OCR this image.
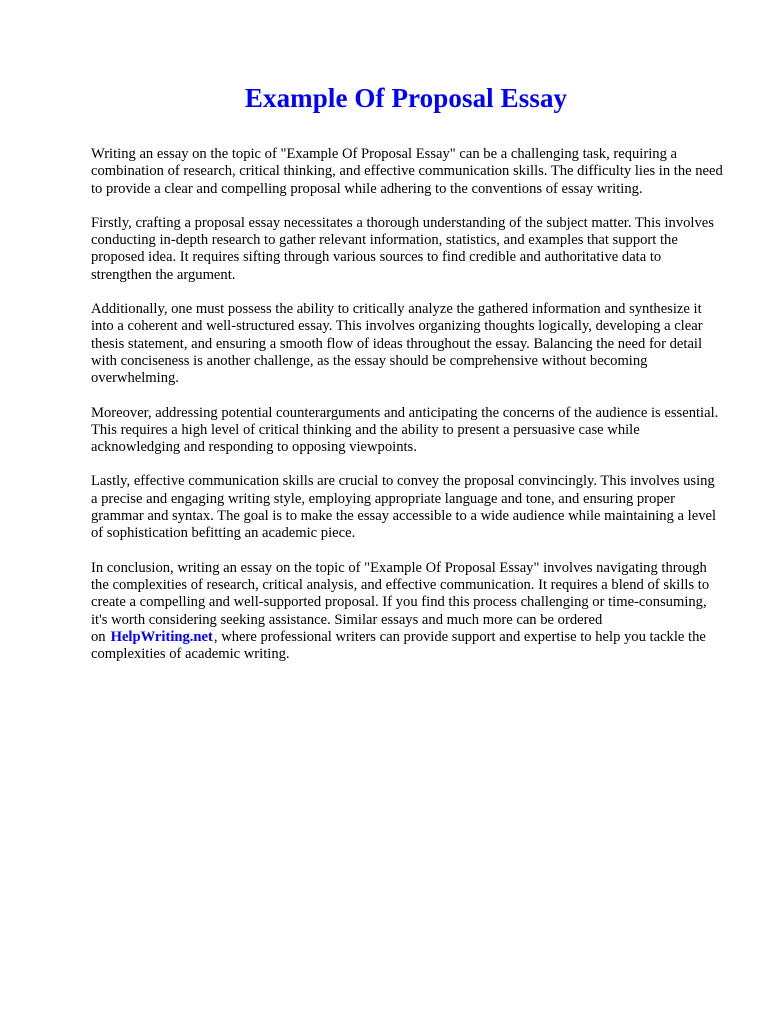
Example Of Proposal Essay

Writing an essay on the topic of "Example Of Proposal Essay" can be a challenging task, requiring a combination of research, critical thinking, and effective communication skills. The difficulty lies in the need to provide a clear and compelling proposal while adhering to the conventions of essay writing.

Firstly, crafting a proposal essay necessitates a thorough understanding of the subject matter. This involves conducting in-depth research to gather relevant information, statistics, and examples that support the proposed idea. It requires sifting through various sources to find credible and authoritative data to strengthen the argument.

Additionally, one must possess the ability to critically analyze the gathered information and synthesize it into a coherent and well-structured essay. This involves organizing thoughts logically, developing a clear thesis statement, and ensuring a smooth flow of ideas throughout the essay. Balancing the need for detail with conciseness is another challenge, as the essay should be comprehensive without becoming overwhelming.

Moreover, addressing potential counterarguments and anticipating the concerns of the audience is essential. This requires a high level of critical thinking and the ability to present a persuasive case while acknowledging and responding to opposing viewpoints.

Lastly, effective communication skills are crucial to convey the proposal convincingly. This involves using a precise and engaging writing style, employing appropriate language and tone, and ensuring proper grammar and syntax. The goal is to make the essay accessible to a wide audience while maintaining a level of sophistication befitting an academic piece.

In conclusion, writing an essay on the topic of "Example Of Proposal Essay" involves navigating through the complexities of research, critical analysis, and effective communication. It requires a blend of skills to create a compelling and well-supported proposal. If you find this process challenging or time-consuming, it's worth considering seeking assistance. Similar essays and much more can be ordered on HelpWriting.net, where professional writers can provide support and expertise to help you tackle the complexities of academic writing.
